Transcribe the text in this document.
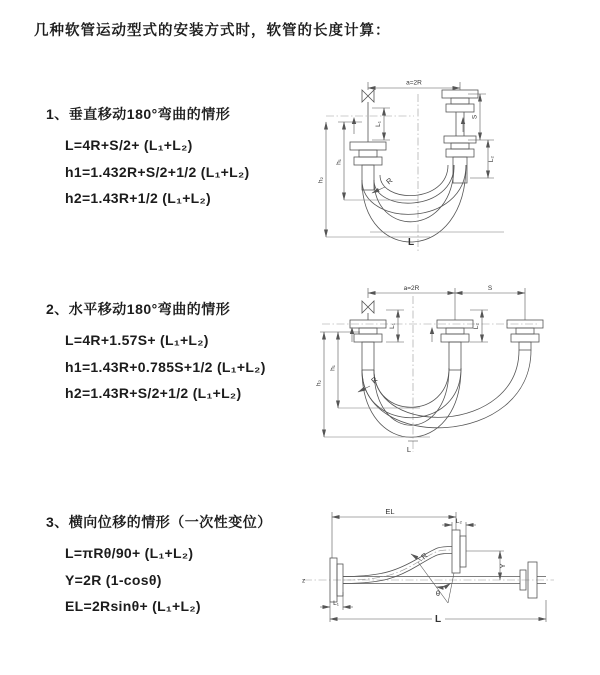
几种软管运动型式的安装方式时，软管的长度计算：
1、垂直移动180°弯曲的情形
L=4R+S/2+ (L₁+L₂)
h1=1.432R+S/2+1/2 (L₁+L₂)
h2=1.43R+1/2 (L₁+L₂)
a=2R
S
L₂
L₁
h₁
h₂	R
L
2、水平移动180°弯曲的情形
L=4R+1.57S+ (L₁+L₂)
h1=1.43R+0.785S+1/2 (L₁+L₂)
h2=1.43R+S/2+1/2 (L₁+L₂)
a=2R	S
L₁	L₂
h₁
h₂	R
L
3、横向位移的情形（一次性变位）
L=πRθ/90+ (L₁+L₂)
Y=2R (1-cosθ)
EL=2Rsinθ+ (L₁+L₂)
z
EL
L₂
Y
θ
R
L₁
L
